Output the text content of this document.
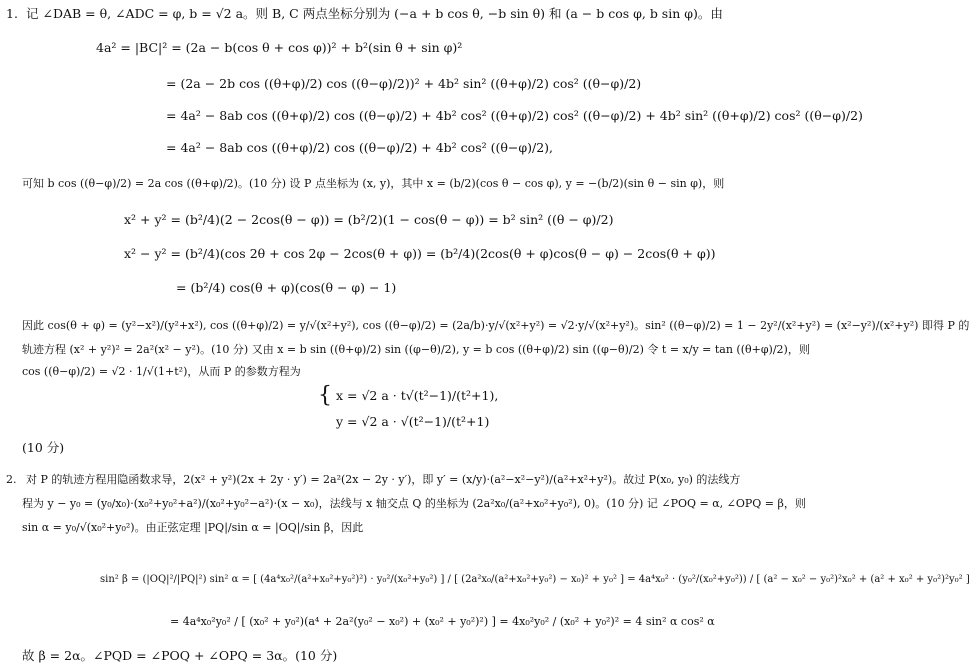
1. 记 ∠DAB = θ, ∠ADC = φ, b = √2 a。则 B, C 两点坐标分别为 (−a + b cos θ, −b sin θ) 和 (a − b cos φ, b sin φ)。由
4a² = |BC|² = (2a − b(cos θ + cos φ))² + b²(sin θ + sin φ)²
= (2a − 2b cos ((θ+φ)/2) cos ((θ−φ)/2))² + 4b² sin² ((θ+φ)/2) cos² ((θ−φ)/2)
= 4a² − 8ab cos ((θ+φ)/2) cos ((θ−φ)/2) + 4b² cos² ((θ+φ)/2) cos² ((θ−φ)/2) + 4b² sin² ((θ+φ)/2) cos² ((θ−φ)/2)
= 4a² − 8ab cos ((θ+φ)/2) cos ((θ−φ)/2) + 4b² cos² ((θ−φ)/2),
可知 b cos ((θ−φ)/2) = 2a cos ((θ+φ)/2)。(10 分) 设 P 点坐标为 (x, y)，其中 x = (b/2)(cos θ − cos φ), y = −(b/2)(sin θ − sin φ)，则
x² + y² = (b²/4)(2 − 2cos(θ − φ)) = (b²/2)(1 − cos(θ − φ)) = b² sin² ((θ − φ)/2)
x² − y² = (b²/4)(cos 2θ + cos 2φ − 2cos(θ + φ)) = (b²/4)(2cos(θ + φ)cos(θ − φ) − 2cos(θ + φ))
= (b²/4) cos(θ + φ)(cos(θ − φ) − 1)
因此 cos(θ + φ) = (y²−x²)/(y²+x²), cos ((θ+φ)/2) = y/√(x²+y²), cos ((θ−φ)/2) = (2a/b)·y/√(x²+y²) = √2·y/√(x²+y²)。sin² ((θ−φ)/2) = 1 − 2y²/(x²+y²) = (x²−y²)/(x²+y²) 即得 P 的
轨迹方程 (x² + y²)² = 2a²(x² − y²)。(10 分) 又由 x = b sin ((θ+φ)/2) sin ((φ−θ)/2), y = b cos ((θ+φ)/2) sin ((φ−θ)/2) 令 t = x/y = tan ((θ+φ)/2)，则
cos ((θ−φ)/2) = √2 · 1/√(1+t²)，从而 P 的参数方程为
{ x = √2 a · t√(t²−1)/(t²+1),
y = √2 a · √(t²−1)/(t²+1)
(10 分)
2. 对 P 的轨迹方程用隐函数求导，2(x² + y²)(2x + 2y · y′) = 2a²(2x − 2y · y′)，即 y′ = (x/y)·(a²−x²−y²)/(a²+x²+y²)。故过 P(x₀, y₀) 的法线方
程为 y − y₀ = (y₀/x₀)·(x₀²+y₀²+a²)/(x₀²+y₀²−a²)·(x − x₀)，法线与 x 轴交点 Q 的坐标为 (2a²x₀/(a²+x₀²+y₀²), 0)。(10 分) 记 ∠POQ = α, ∠OPQ = β，则
sin α = y₀/√(x₀²+y₀²)。由正弦定理 |PQ|/sin α = |OQ|/sin β，因此
sin² β = (|OQ|²/|PQ|²) sin² α = [ (4a⁴x₀²/(a²+x₀²+y₀²)²) · y₀²/(x₀²+y₀²) ] / [ (2a²x₀/(a²+x₀²+y₀²) − x₀)² + y₀² ] = 4a⁴x₀² · (y₀²/(x₀²+y₀²)) / [ (a² − x₀² − y₀²)²x₀² + (a² + x₀² + y₀²)²y₀² ]
= 4a⁴x₀²y₀² / [ (x₀² + y₀²)(a⁴ + 2a²(y₀² − x₀²) + (x₀² + y₀²)²) ] = 4x₀²y₀² / (x₀² + y₀²)² = 4 sin² α cos² α
故 β = 2α。∠PQD = ∠POQ + ∠OPQ = 3α。(10 分)
